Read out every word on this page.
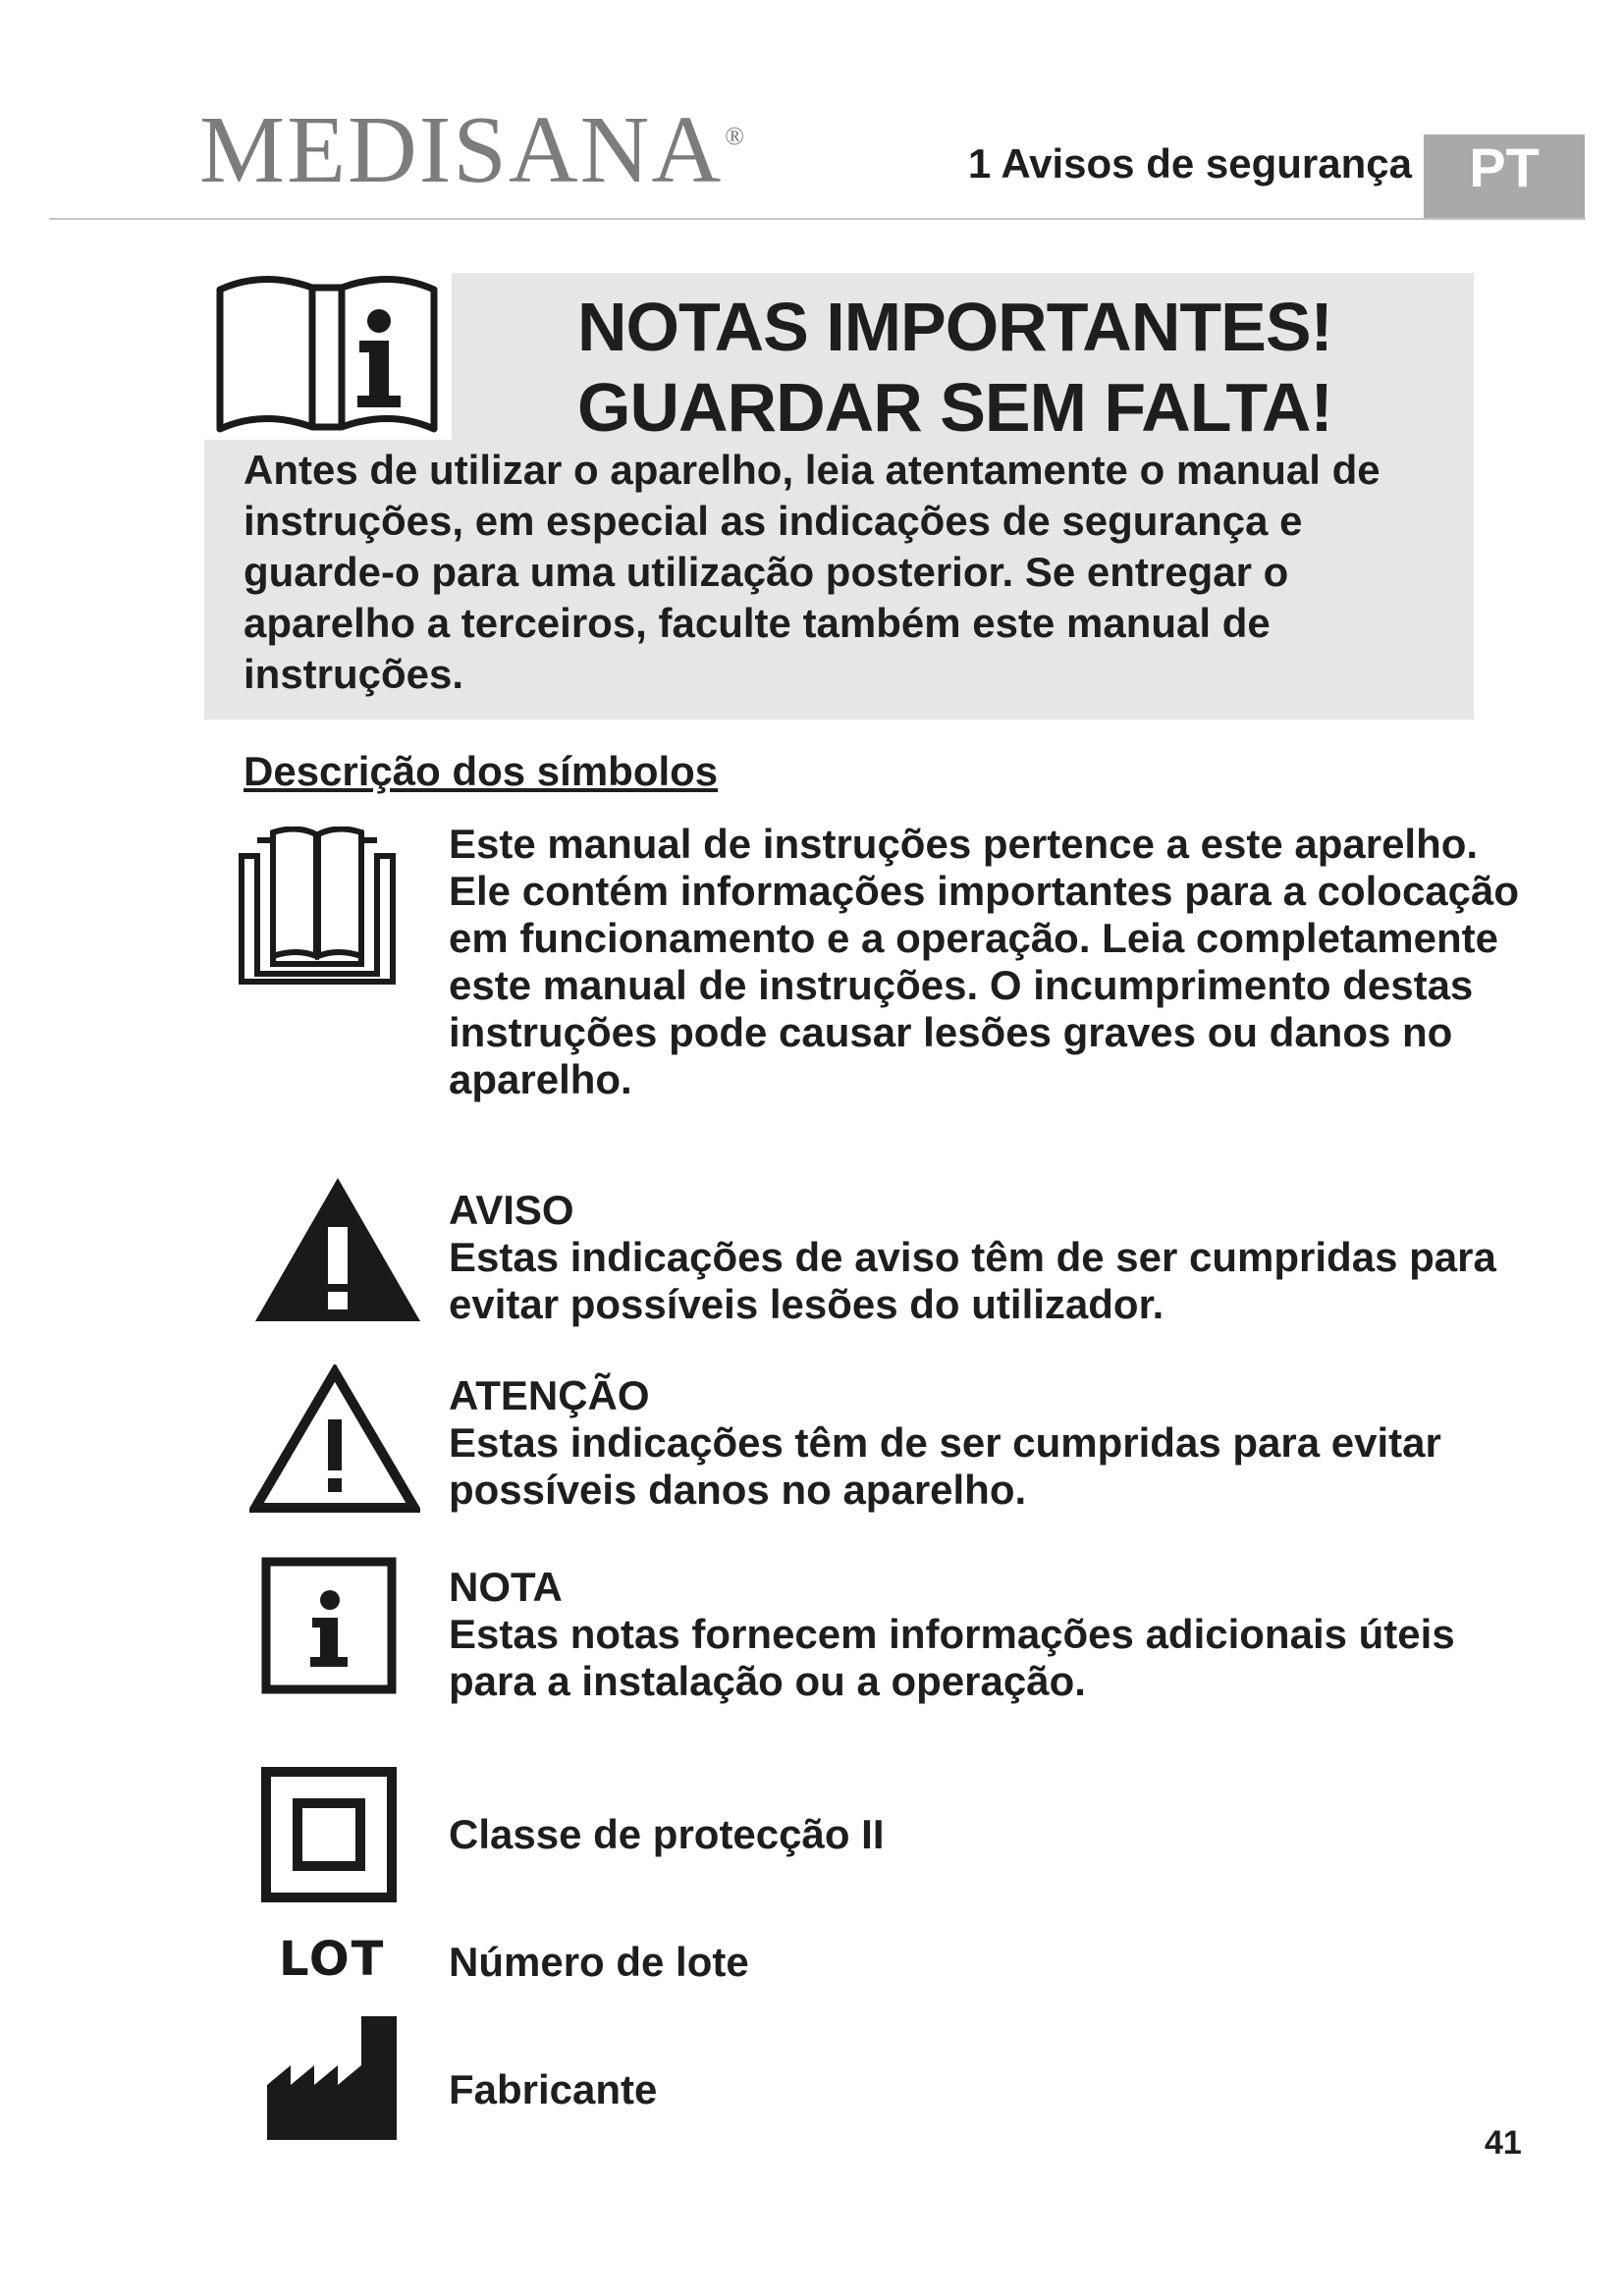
MEDISANA®
1 Avisos de segurança	PT
NOTAS IMPORTANTES!
GUARDAR SEM FALTA!
Antes de utilizar o aparelho, leia atentamente o manual de instruções, em especial as indicações de segurança e guarde-o para uma utilização posterior. Se entregar o aparelho a terceiros, faculte também este manual de instruções.
Descrição dos símbolos
Este manual de instruções pertence a este aparelho. Ele contém informações importantes para a colocação em funcionamento e a operação. Leia completamente este manual de instruções. O incumprimento destas instruções pode causar lesões graves ou danos no aparelho.
AVISO
Estas indicações de aviso têm de ser cumpridas para evitar possíveis lesões do utilizador.
ATENÇÃO
Estas indicações têm de ser cumpridas para evitar possíveis danos no aparelho.
NOTA
Estas notas fornecem informações adicionais úteis para a instalação ou a operação.
Classe de protecção II
LOT Número de lote
Fabricante
41
